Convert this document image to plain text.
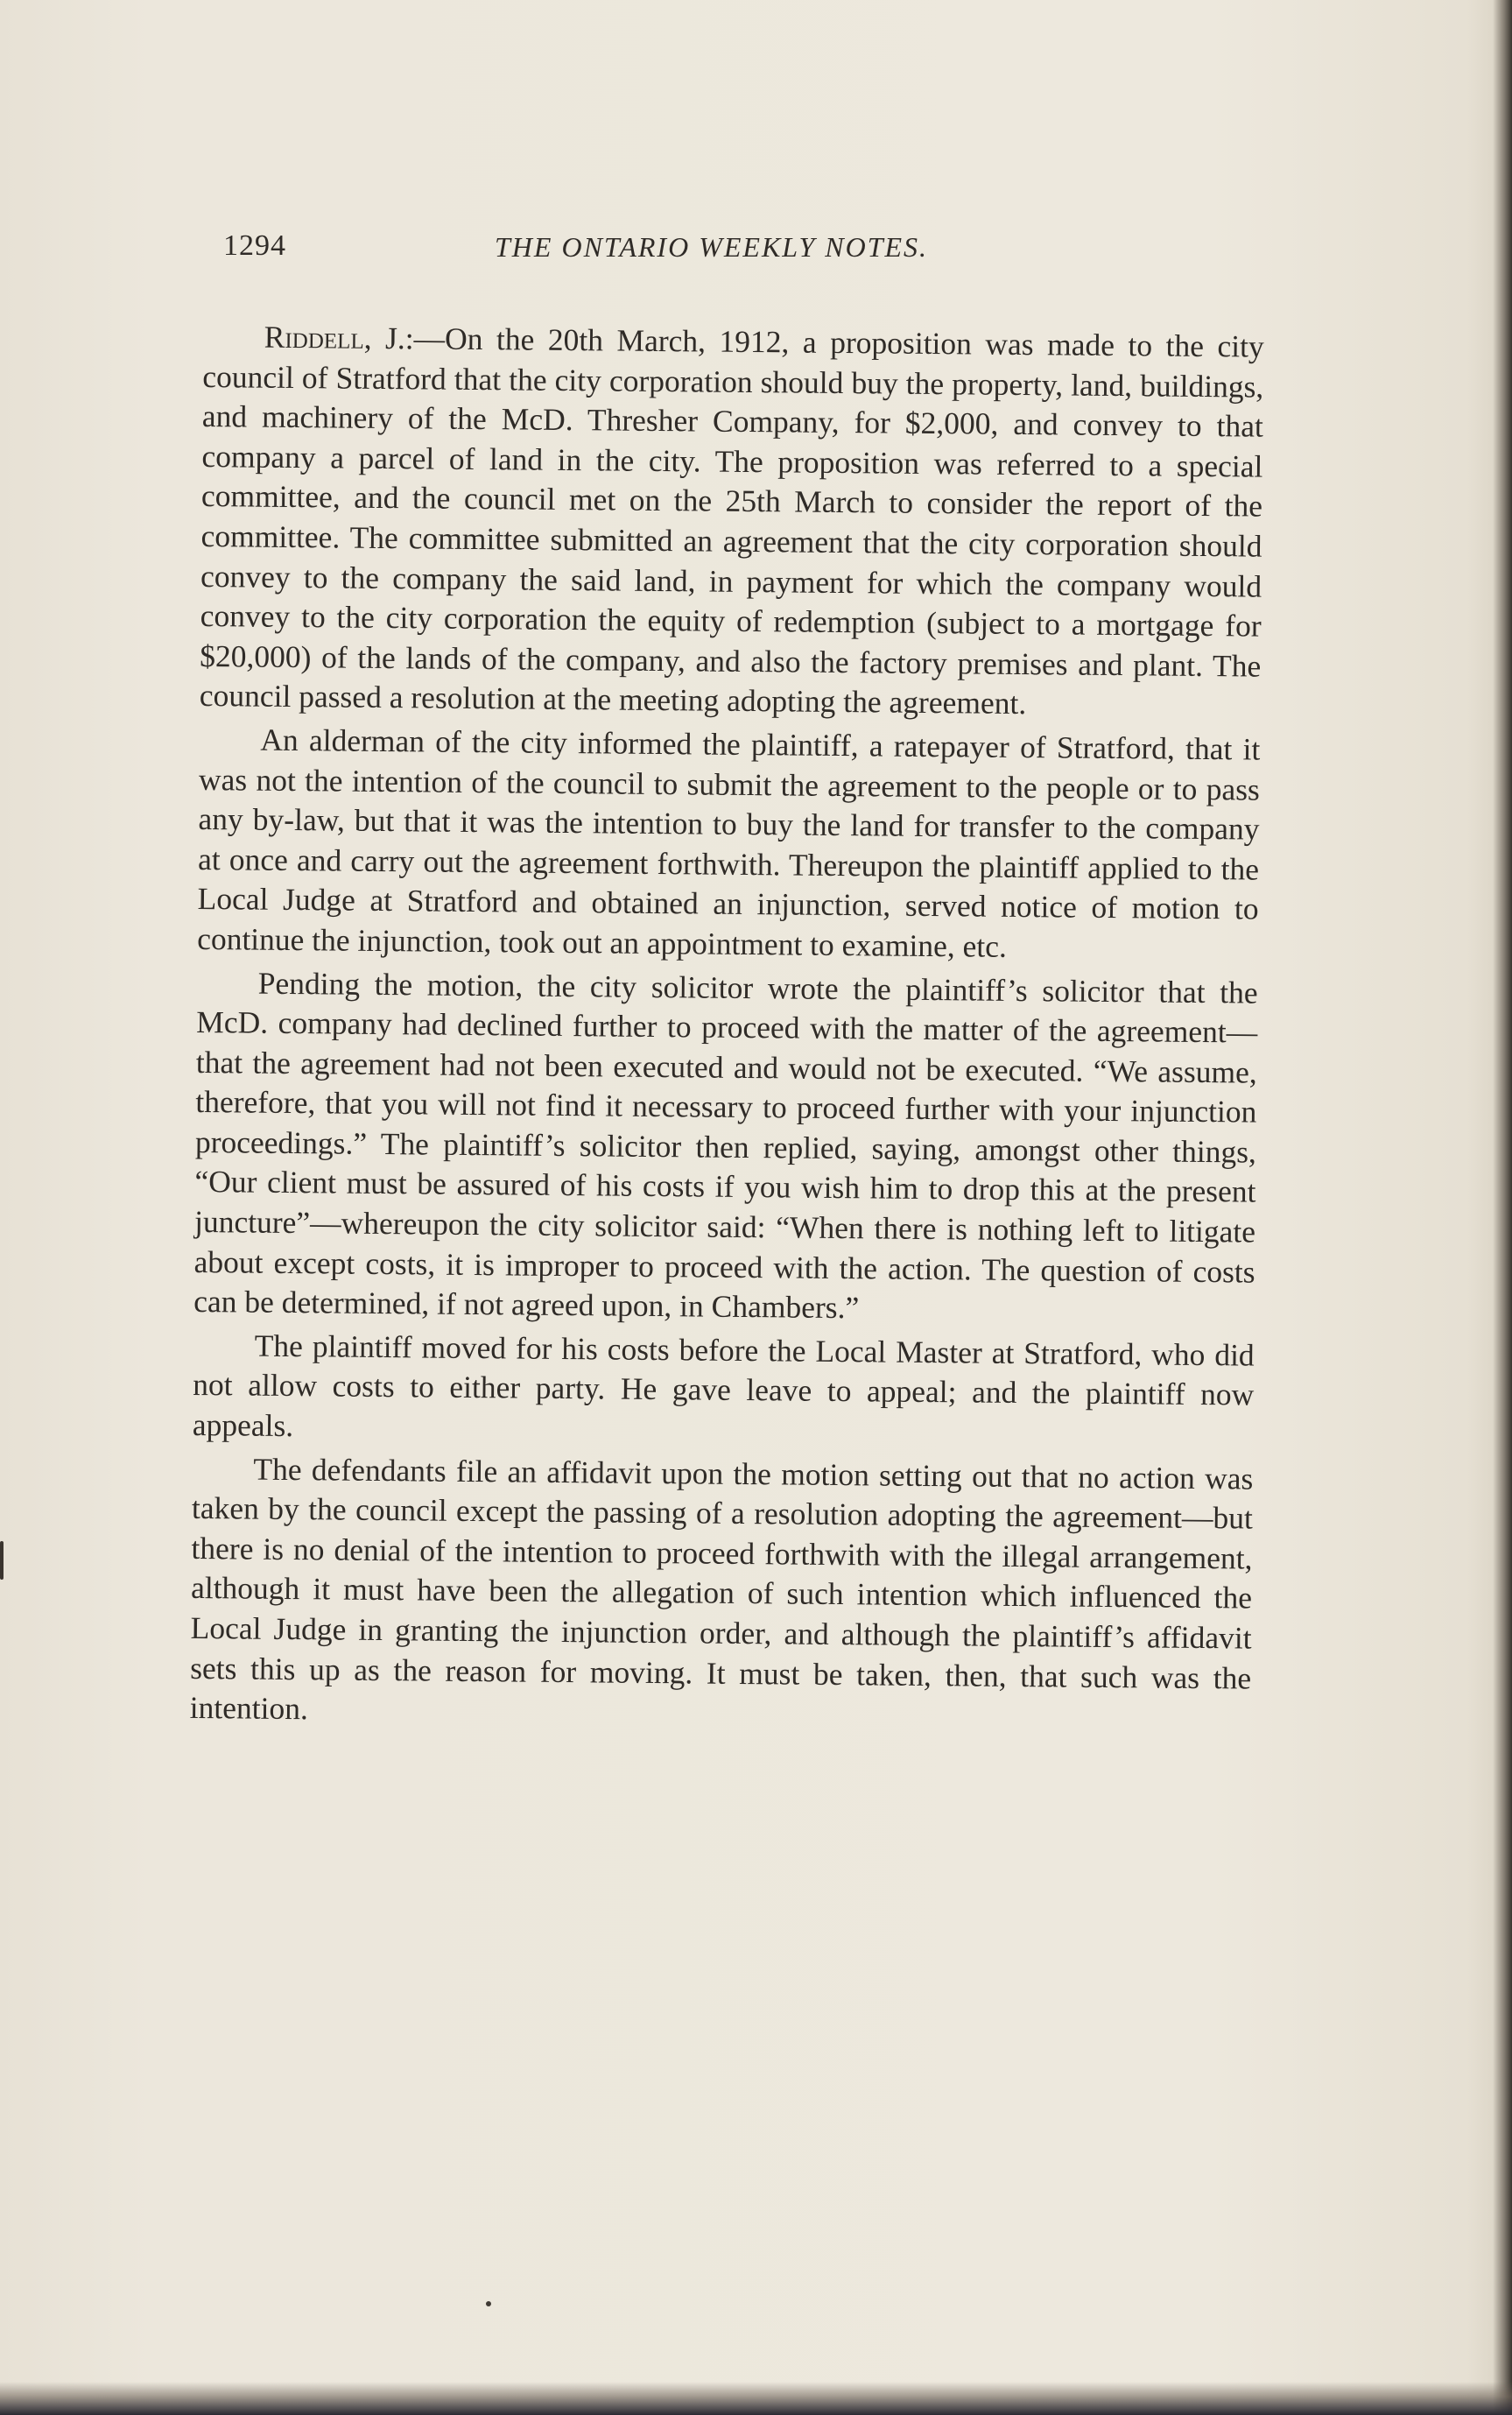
1294	THE ONTARIO WEEKLY NOTES.

Riddell, J.:—On the 20th March, 1912, a proposition was made to the city council of Stratford that the city corporation should buy the property, land, buildings, and machinery of the McD. Thresher Company, for $2,000, and convey to that company a parcel of land in the city. The proposition was referred to a special committee, and the council met on the 25th March to consider the report of the committee. The committee submitted an agreement that the city corporation should convey to the company the said land, in payment for which the company would convey to the city corporation the equity of redemption (subject to a mortgage for $20,000) of the lands of the company, and also the factory premises and plant. The council passed a resolution at the meeting adopting the agreement.

An alderman of the city informed the plaintiff, a ratepayer of Stratford, that it was not the intention of the council to submit the agreement to the people or to pass any by-law, but that it was the intention to buy the land for transfer to the company at once and carry out the agreement forthwith. Thereupon the plaintiff applied to the Local Judge at Stratford and obtained an injunction, served notice of motion to continue the injunction, took out an appointment to examine, etc.

Pending the motion, the city solicitor wrote the plaintiff’s solicitor that the McD. company had declined further to proceed with the matter of the agreement—that the agreement had not been executed and would not be executed. “We assume, therefore, that you will not find it necessary to proceed further with your injunction proceedings.” The plaintiff’s solicitor then replied, saying, amongst other things, “Our client must be assured of his costs if you wish him to drop this at the present juncture”—whereupon the city solicitor said: “When there is nothing left to litigate about except costs, it is improper to proceed with the action. The question of costs can be determined, if not agreed upon, in Chambers.”

The plaintiff moved for his costs before the Local Master at Stratford, who did not allow costs to either party. He gave leave to appeal; and the plaintiff now appeals.

The defendants file an affidavit upon the motion setting out that no action was taken by the council except the passing of a resolution adopting the agreement—but there is no denial of the intention to proceed forthwith with the illegal arrangement, although it must have been the allegation of such intention which influenced the Local Judge in granting the injunction order, and although the plaintiff’s affidavit sets this up as the reason for moving. It must be taken, then, that such was the intention.
